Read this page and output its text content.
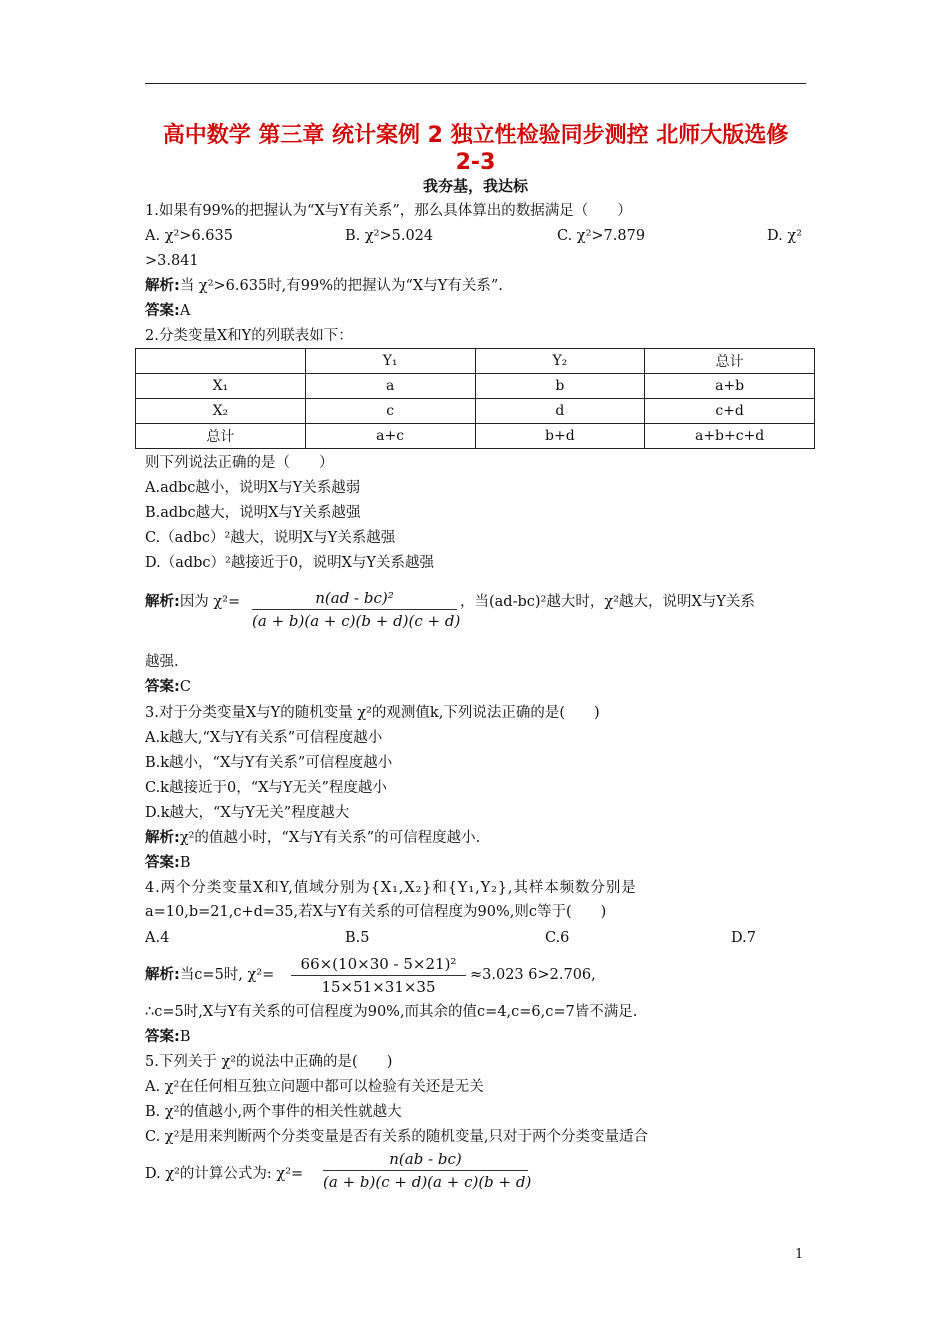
高中数学 第三章 统计案例 2 独立性检验同步测控 北师大版选修
2-3
我夯基，我达标
1.如果有99%的把握认为“X与Y有关系”，那么具体算出的数据满足（　　）
A. χ²>6.635	B. χ²>5.024	C. χ²>7.879	D. χ²
>3.841
解析:当 χ²>6.635时,有99%的把握认为“X与Y有关系”.
答案:A
2.分类变量X和Y的列联表如下：
	Y₁	Y₂	总计
X₁	a	b	a+b
X₂	c	d	c+d
总计	a+c	b+d	a+b+c+d
则下列说法正确的是（　　）
A.adbc越小，说明X与Y关系越弱
B.adbc越大，说明X与Y关系越强
C.（adbc）²越大，说明X与Y关系越强
D.（adbc）²越接近于0，说明X与Y关系越强
解析:因为 χ²=	n(ad - bc)²
(a + b)(a + c)(b + d)(c + d)
，当(ad-bc)²越大时，χ²越大，说明X与Y关系
越强.
答案:C
3.对于分类变量X与Y的随机变量 χ²的观测值k,下列说法正确的是(　　)
A.k越大,“X与Y有关系”可信程度越小
B.k越小，“X与Y有关系”可信程度越小
C.k越接近于0，“X与Y无关”程度越小
D.k越大，“X与Y无关”程度越大
解析:χ²的值越小时，“X与Y有关系”的可信程度越小.
答案:B
4.两个分类变量X和Y,值域分别为{X₁,X₂}和{Y₁,Y₂},其样本频数分别是
a=10,b=21,c+d=35,若X与Y有关系的可信程度为90%,则c等于(　　)
A.4	B.5	C.6	D.7
解析:当c=5时, χ²=
66×(10×30 - 5×21)²
15×51×31×35
≈3.023 6>2.706,
∴c=5时,X与Y有关系的可信程度为90%,而其余的值c=4,c=6,c=7皆不满足.
答案:B
5.下列关于 χ²的说法中正确的是(　　)
A. χ²在任何相互独立问题中都可以检验有关还是无关
B. χ²的值越小,两个事件的相关性就越大
C. χ²是用来判断两个分类变量是否有关系的随机变量,只对于两个分类变量适合
D. χ²的计算公式为: χ²=
n(ab - bc)
(a + b)(c + d)(a + c)(b + d)
1
